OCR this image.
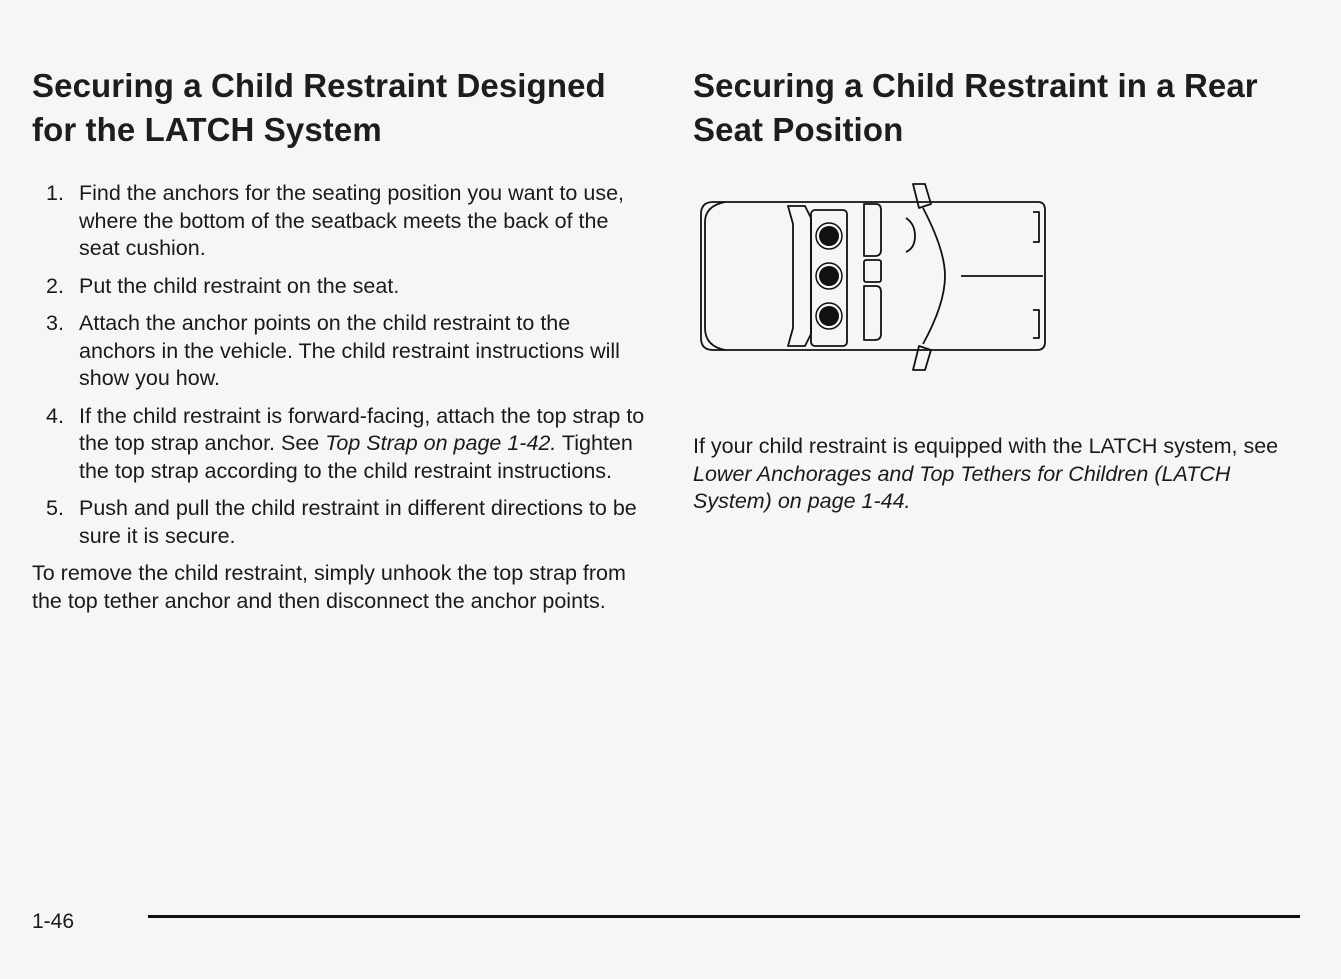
Securing a Child Restraint Designed for the LATCH System
1. Find the anchors for the seating position you want to use, where the bottom of the seatback meets the back of the seat cushion.
2. Put the child restraint on the seat.
3. Attach the anchor points on the child restraint to the anchors in the vehicle. The child restraint instructions will show you how.
4. If the child restraint is forward-facing, attach the top strap to the top strap anchor. See Top Strap on page 1-42. Tighten the top strap according to the child restraint instructions.
5. Push and pull the child restraint in different directions to be sure it is secure.

To remove the child restraint, simply unhook the top strap from the top tether anchor and then disconnect the anchor points.

Securing a Child Restraint in a Rear Seat Position

If your child restraint is equipped with the LATCH system, see Lower Anchorages and Top Tethers for Children (LATCH System) on page 1-44.

1-46
